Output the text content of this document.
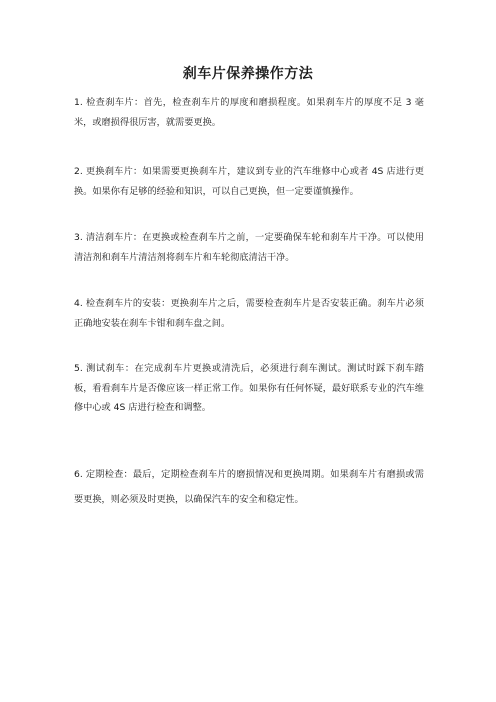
刹车片保养操作方法
1. 检查刹车片：首先，检查刹车片的厚度和磨损程度。如果刹车片的厚度不足 3 毫米，或磨损得很厉害，就需要更换。
2. 更换刹车片：如果需要更换刹车片，建议到专业的汽车维修中心或者 4S 店进行更换。如果你有足够的经验和知识，可以自己更换，但一定要谨慎操作。
3. 清洁刹车片：在更换或检查刹车片之前，一定要确保车轮和刹车片干净。可以使用清洁剂和刹车片清洁剂将刹车片和车轮彻底清洁干净。
4. 检查刹车片的安装：更换刹车片之后，需要检查刹车片是否安装正确。刹车片必须正确地安装在刹车卡钳和刹车盘之间。
5. 测试刹车：在完成刹车片更换或清洗后，必须进行刹车测试。测试时踩下刹车踏板，看看刹车片是否像应该一样正常工作。如果你有任何怀疑，最好联系专业的汽车维修中心或 4S 店进行检查和调整。
6. 定期检查：最后，定期检查刹车片的磨损情况和更换周期。如果刹车片有磨损或需要更换，则必须及时更换，以确保汽车的安全和稳定性。
